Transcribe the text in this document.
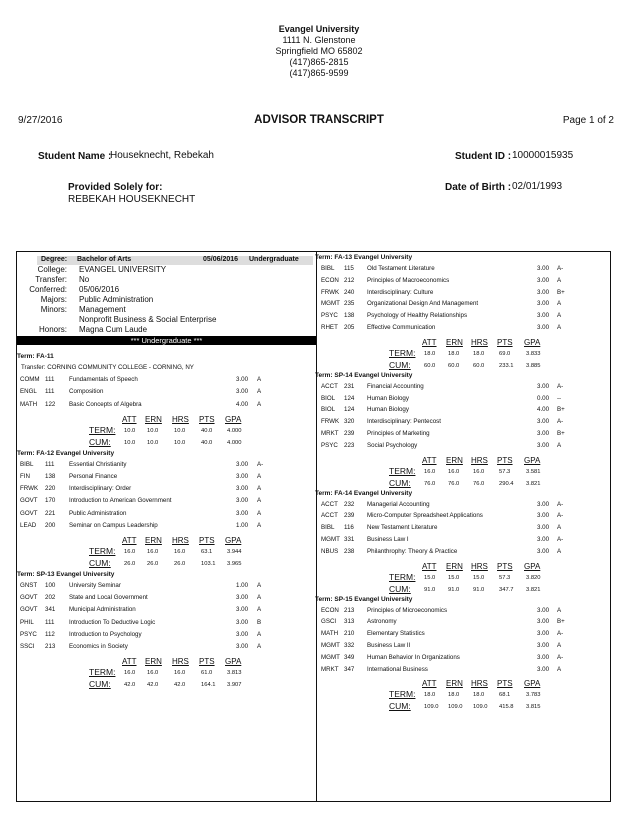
Evangel University
1111 N. Glenstone
Springfield MO 65802
(417)865-2815
(417)865-9599
9/27/2016	ADVISOR TRANSCRIPT	Page 1 of 2
Student Name :
Houseknecht, Rebekah	Student ID : 10000015935
Provided Solely for:
REBEKAH HOUSEKNECHT
Date of Birth : 02/01/1993
Degree: Bachelor of Arts	05/06/2016 Undergraduate
College: EVANGEL UNIVERSITY
Transfer: No
Conferred: 05/06/2016
Majors: Public Administration
Minors: Management
Nonprofit Business & Social Enterprise
Honors: Magna Cum Laude
*** Undergraduate ***
Term: FA-11
Transfer: CORNING COMMUNITY COLLEGE - CORNING, NY
COMM 111 Fundamentals of Speech	3.00 A
ENGL 111 Composition	3.00 A
MATH 122 Basic Concepts of Algebra	4.00 A
ATT ERN HRS PTS GPA
TERM: 10.0 10.0	10.0	40.0	4.000
CUM: 10.0 10.0	10.0	40.0	4.000
Term: FA-12 Evangel University
BIBL 111 Essential Christianity	3.00 A-
FIN 138 Personal Finance	3.00 A
FRWK 220 Interdisciplinary: Order	3.00 A
GOVT 170 Introduction to American Government	3.00 A
GOVT 221 Public Administration	3.00 A
LEAD 200 Seminar on Campus Leadership	1.00 A
ATT ERN HRS PTS GPA
TERM: 16.0 16.0	16.0	63.1	3.944
CUM: 26.0 26.0	26.0	103.1 3.965
Term: SP-13 Evangel University
GNST 100 University Seminar	1.00 A
GOVT 202 State and Local Government	3.00 A
GOVT 341 Municipal Administration	3.00 A
PHIL 111 Introduction To Deductive Logic	3.00 B
PSYC 112 Introduction to Psychology	3.00 A
SSCI 213 Economics in Society	3.00 A
ATT ERN HRS PTS GPA
TERM: 16.0 16.0	16.0	61.0	3.813
CUM: 42.0 42.0	42.0	164.1 3.907
Term: FA-13 Evangel University
BIBL 115 Old Testament Literature	3.00 A-
ECON 212 Principles of Macroeconomics	3.00 A
FRWK 240 Interdisciplinary: Culture	3.00 B+
MGMT 235 Organizational Design And Management	3.00 A
PSYC 138 Psychology of Healthy Relationships	3.00 A
RHET 205 Effective Communication	3.00 A
ATT ERN HRS PTS GPA
TERM: 18.0 18.0 18.0	69.0	3.833
CUM: 60.0 60.0 60.0	233.1 3.885
Term: SP-14 Evangel University
ACCT 231 Financial Accounting	3.00 A-
BIOL 124 Human Biology	0.00 --
BIOL 124 Human Biology	4.00 B+
FRWK 320 Interdisciplinary: Pentecost	3.00 A-
MRKT 239 Principles of Marketing	3.00 B+
PSYC 223 Social Psychology	3.00 A
ATT ERN HRS PTS GPA
TERM: 16.0 16.0 16.0	57.3	3.581
CUM: 76.0 76.0 76.0	290.4 3.821
Term: FA-14 Evangel University
ACCT 232 Managerial Accounting	3.00 A-
ACCT 239 Micro-Computer Spreadsheet Applications	3.00 A-
BIBL 116 New Testament Literature	3.00 A
MGMT 331 Business Law I	3.00 A-
NBUS 238 Philanthrophy: Theory & Practice	3.00 A
ATT ERN HRS PTS GPA
TERM: 15.0 15.0 15.0	57.3	3.820
CUM: 91.0 91.0 91.0	347.7 3.821
Term: SP-15 Evangel University
ECON 213 Principles of Microeconomics	3.00 A
GSCI 313 Astronomy	3.00 B+
MATH 210 Elementary Statistics	3.00 A-
MGMT 332 Business Law II	3.00 A
MGMT 349 Human Behavior In Organizations	3.00 A-
MRKT 347 International Business	3.00 A
ATT ERN HRS PTS GPA
TERM: 18.0 18.0 18.0	68.1	3.783
CUM: 109.0 109.0 109.0 415.8 3.815
